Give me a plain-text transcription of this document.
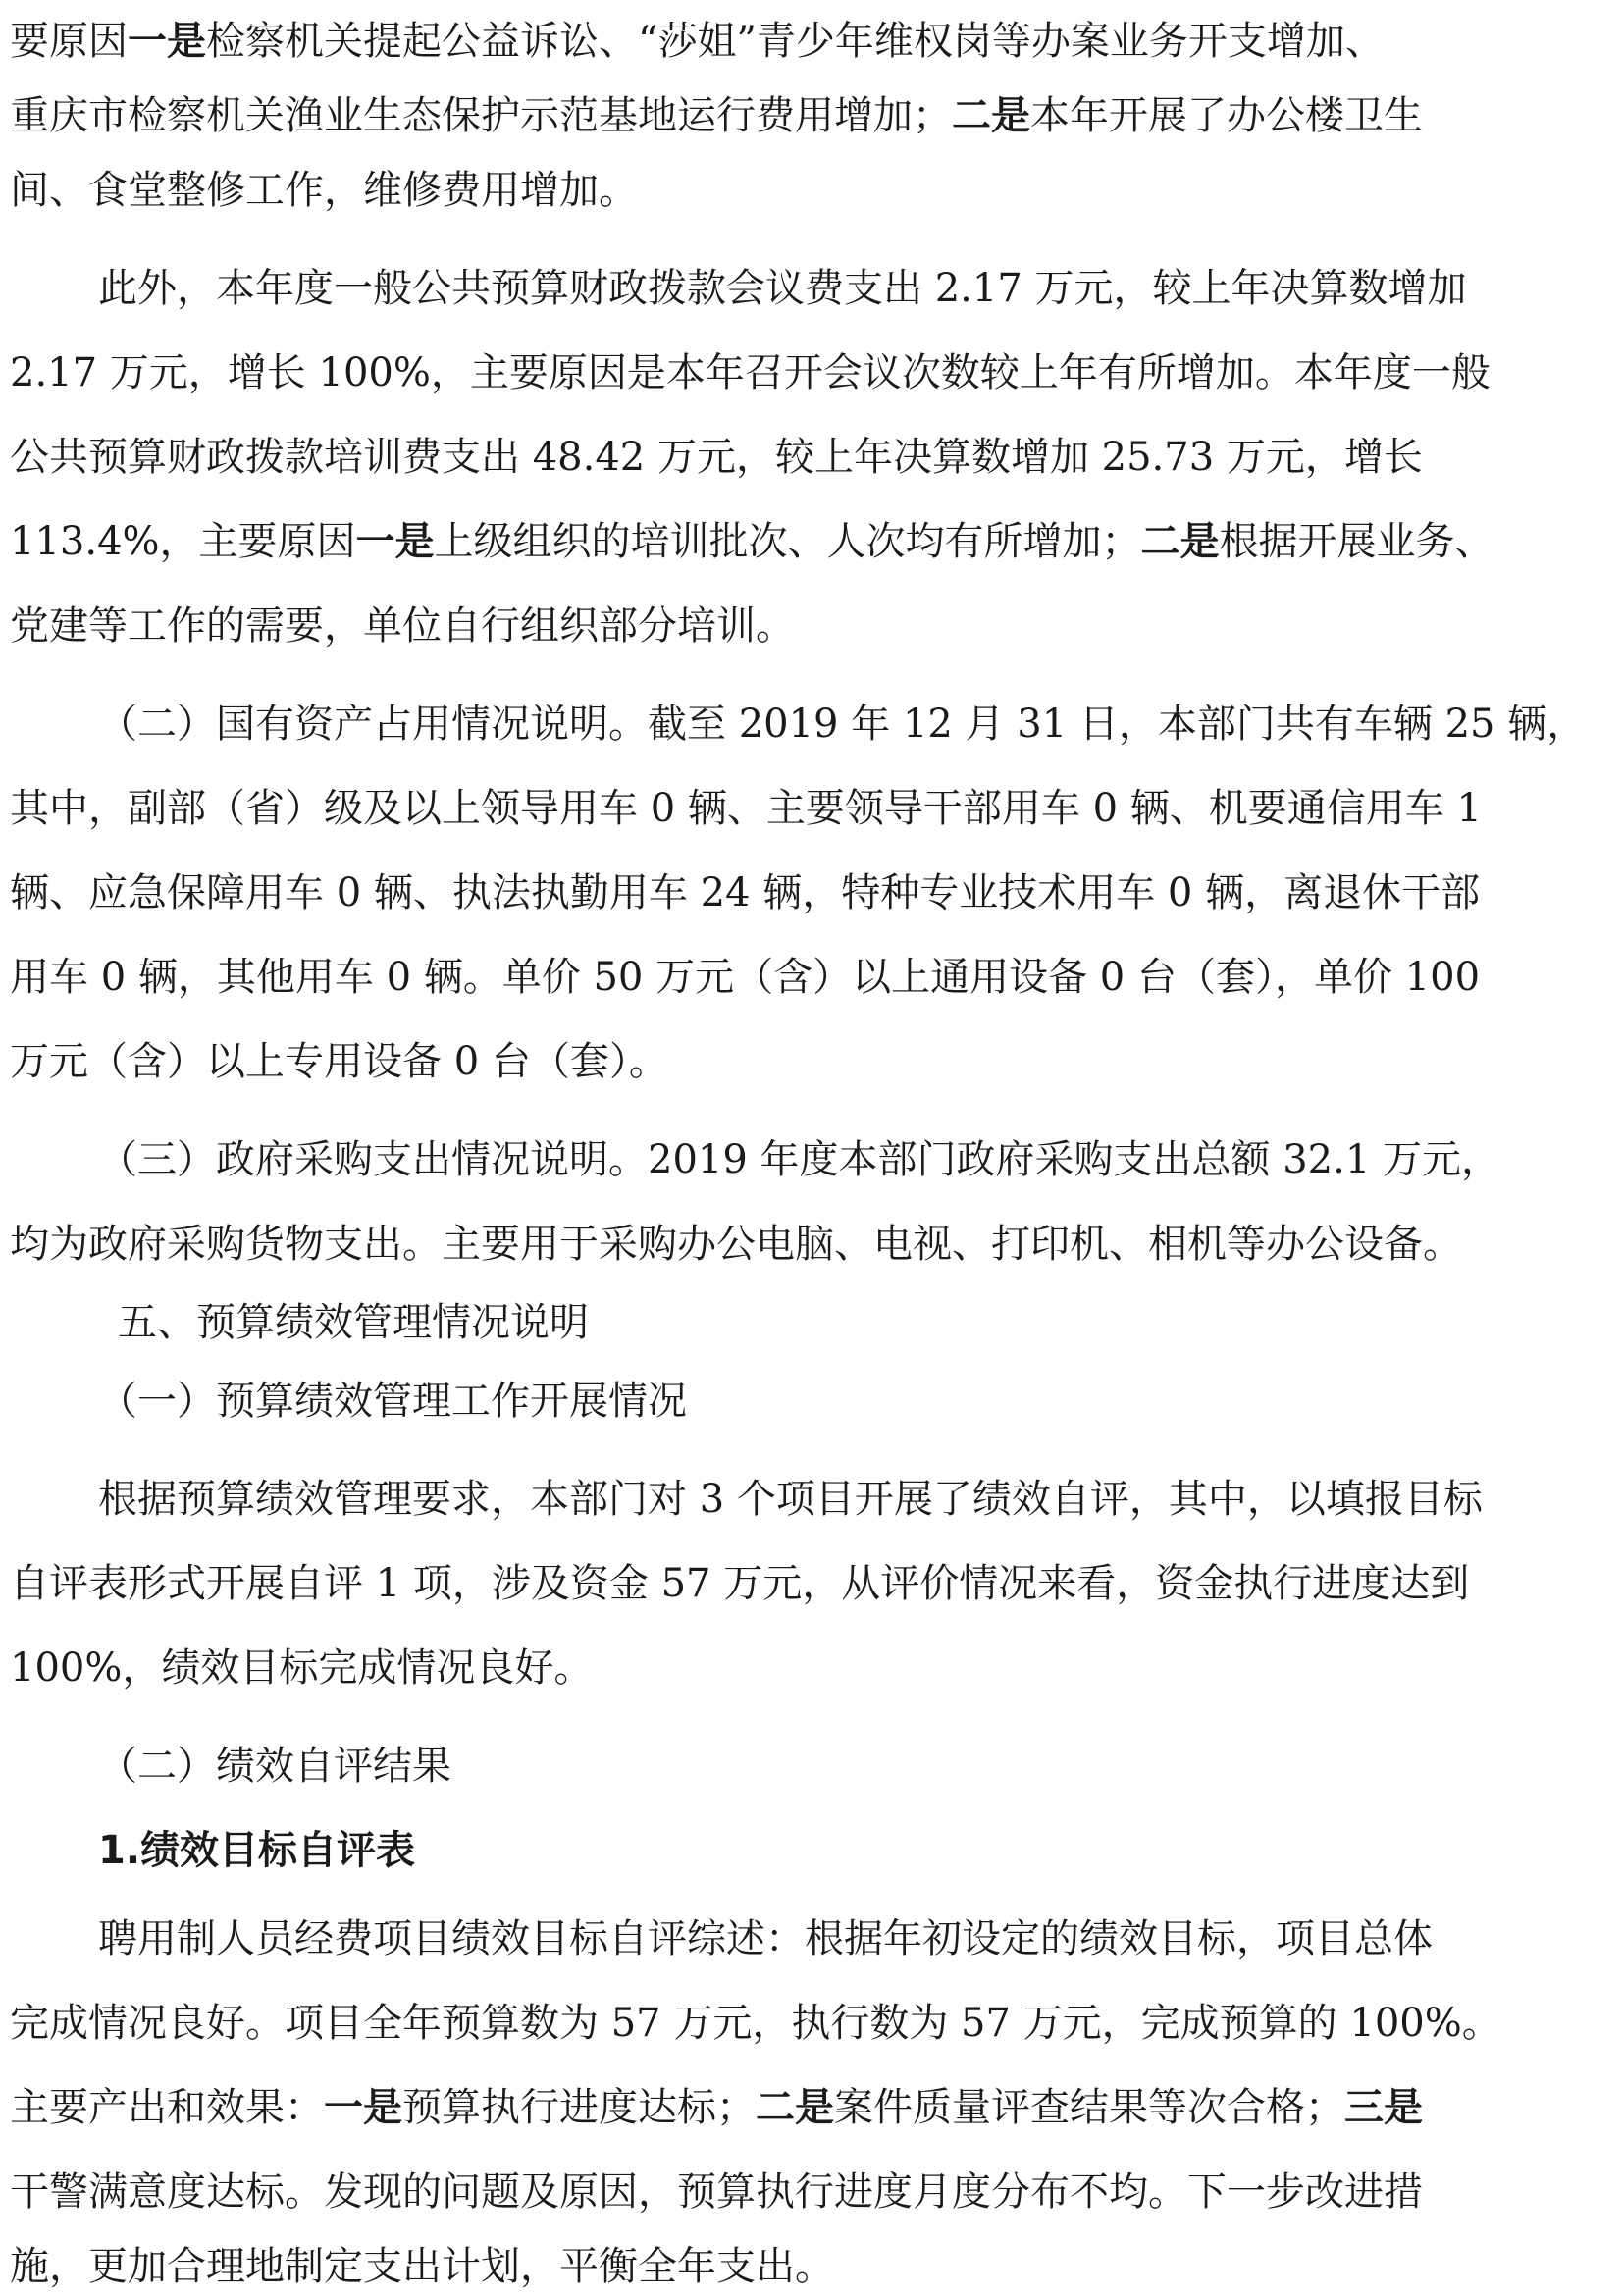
要原因一是检察机关提起公益诉讼、“莎姐”青少年维权岗等办案业务开支增加、
重庆市检察机关渔业生态保护示范基地运行费用增加；二是本年开展了办公楼卫生
间、食堂整修工作，维修费用增加。
此外，本年度一般公共预算财政拨款会议费支出 2.17 万元，较上年决算数增加
2.17 万元，增长 100%，主要原因是本年召开会议次数较上年有所增加。本年度一般
公共预算财政拨款培训费支出 48.42 万元，较上年决算数增加 25.73 万元，增长
113.4%，主要原因一是上级组织的培训批次、人次均有所增加；二是根据开展业务、
党建等工作的需要，单位自行组织部分培训。
（二）国有资产占用情况说明。截至 2019 年 12 月 31 日，本部门共有车辆 25 辆，
其中，副部（省）级及以上领导用车 0 辆、主要领导干部用车 0 辆、机要通信用车 1
辆、应急保障用车 0 辆、执法执勤用车 24 辆，特种专业技术用车 0 辆，离退休干部
用车 0 辆，其他用车 0 辆。单价 50 万元（含）以上通用设备 0 台（套），单价 100
万元（含）以上专用设备 0 台（套）。
（三）政府采购支出情况说明。2019 年度本部门政府采购支出总额 32.1 万元，
均为政府采购货物支出。主要用于采购办公电脑、电视、打印机、相机等办公设备。
五、预算绩效管理情况说明
（一）预算绩效管理工作开展情况
根据预算绩效管理要求，本部门对 3 个项目开展了绩效自评，其中，以填报目标
自评表形式开展自评 1 项，涉及资金 57 万元，从评价情况来看，资金执行进度达到
100%，绩效目标完成情况良好。
（二）绩效自评结果
1.绩效目标自评表
聘用制人员经费项目绩效目标自评综述：根据年初设定的绩效目标，项目总体
完成情况良好。项目全年预算数为 57 万元，执行数为 57 万元，完成预算的 100%。
主要产出和效果：一是预算执行进度达标；二是案件质量评查结果等次合格；三是
干警满意度达标。发现的问题及原因，预算执行进度月度分布不均。下一步改进措
施，更加合理地制定支出计划，平衡全年支出。
